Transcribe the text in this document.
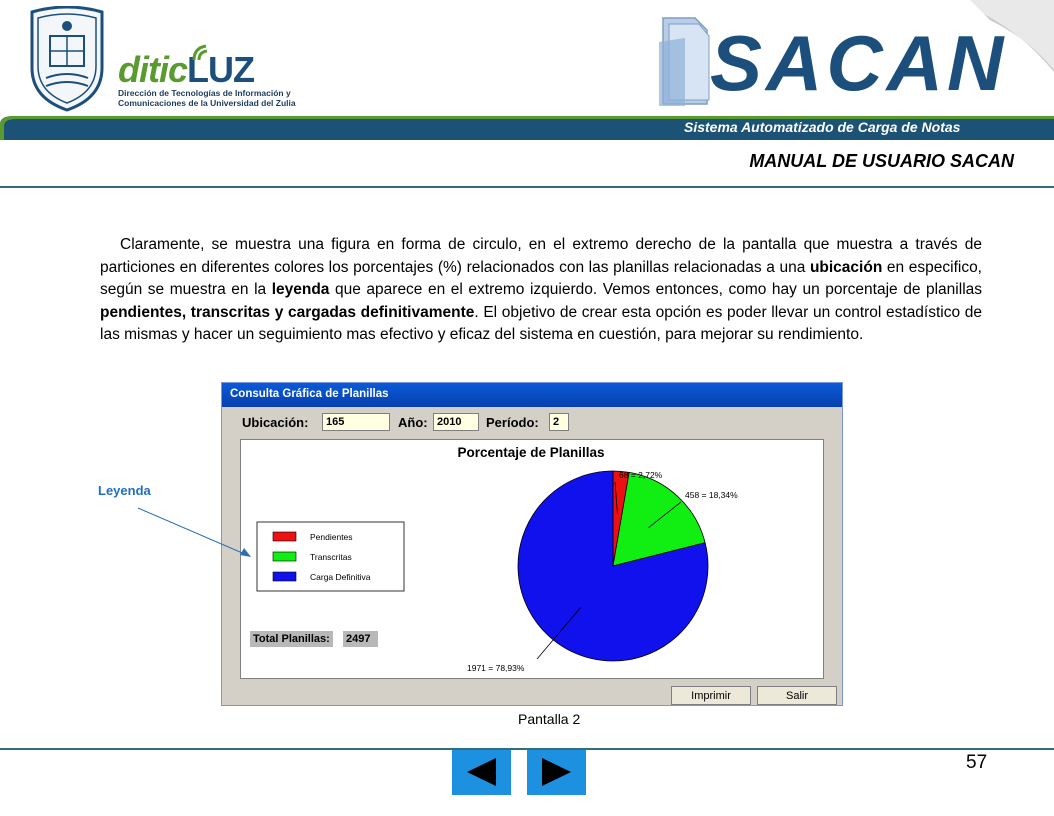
diticLUZ
Dirección de Tecnologías de Información y
Comunicaciones de la Universidad del Zulia	SACAN
Sistema Automatizado de Carga de Notas
MANUAL DE USUARIO SACAN

Claramente, se muestra una figura en forma de circulo, en el extremo derecho de la pantalla que muestra a través de particiones en diferentes colores los porcentajes (%) relacionados con las planillas relacionadas a una ubicación en especifico, según se muestra en la leyenda que aparece en el extremo izquierdo. Vemos entonces, como hay un porcentaje de planillas pendientes, transcritas y cargadas definitivamente. El objetivo de crear esta opción es poder llevar un control estadístico de las mismas y hacer un seguimiento mas efectivo y eficaz del sistema en cuestión, para mejorar su rendimiento.

Consulta Gráfica de Planillas
Ubicación:	165	Año: 2010	Período:	2
Porcentaje de Planillas
68 = 2,72%
458 = 18,34%
1971 = 78,93%
Pendientes
Transcritas
Carga Definitiva
Total Planillas: 2497
Imprimir	Salir
Leyenda
Pantalla 2
57
